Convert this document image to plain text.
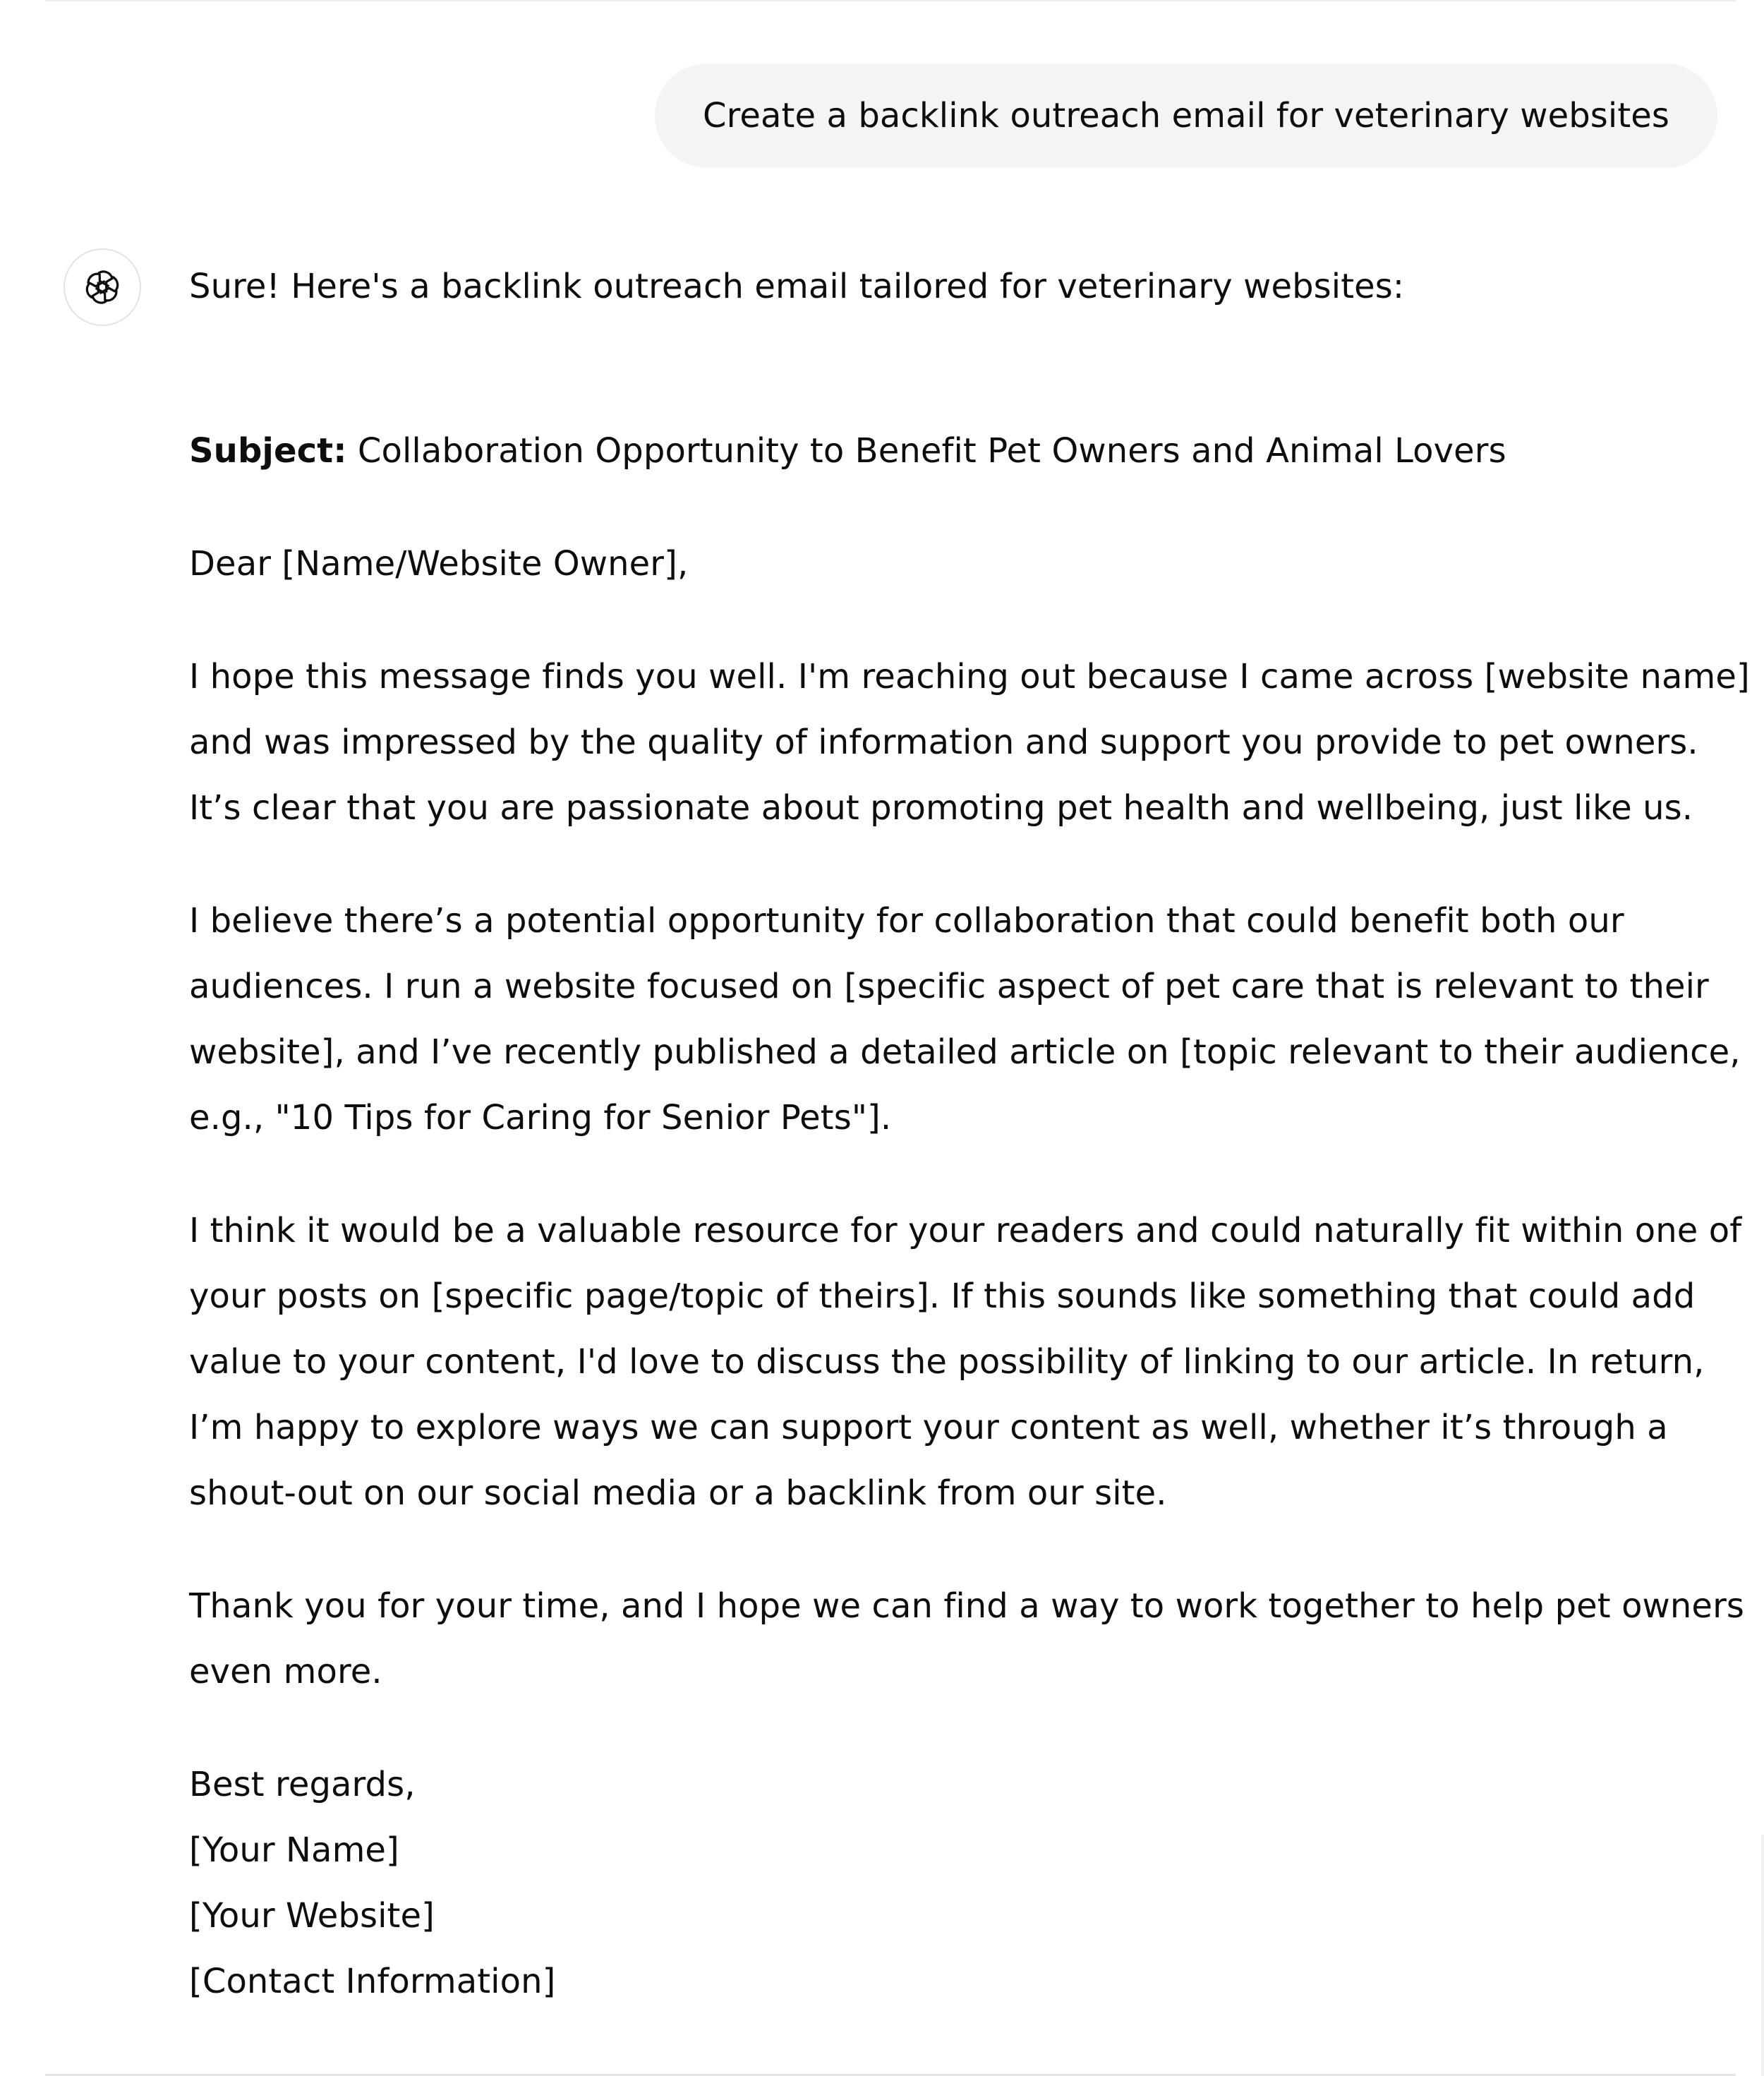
Create a backlink outreach email for veterinary websites

Sure! Here's a backlink outreach email tailored for veterinary websites:

Subject: Collaboration Opportunity to Benefit Pet Owners and Animal Lovers

Dear [Name/Website Owner],

I hope this message finds you well. I'm reaching out because I came across [website name]
and was impressed by the quality of information and support you provide to pet owners.
It’s clear that you are passionate about promoting pet health and wellbeing, just like us.

I believe there’s a potential opportunity for collaboration that could benefit both our
audiences. I run a website focused on [specific aspect of pet care that is relevant to their
website], and I’ve recently published a detailed article on [topic relevant to their audience,
e.g., "10 Tips for Caring for Senior Pets"].

I think it would be a valuable resource for your readers and could naturally fit within one of
your posts on [specific page/topic of theirs]. If this sounds like something that could add
value to your content, I'd love to discuss the possibility of linking to our article. In return,
I’m happy to explore ways we can support your content as well, whether it’s through a
shout-out on our social media or a backlink from our site.

Thank you for your time, and I hope we can find a way to work together to help pet owners
even more.

Best regards,
[Your Name]
[Your Website]
[Contact Information]
